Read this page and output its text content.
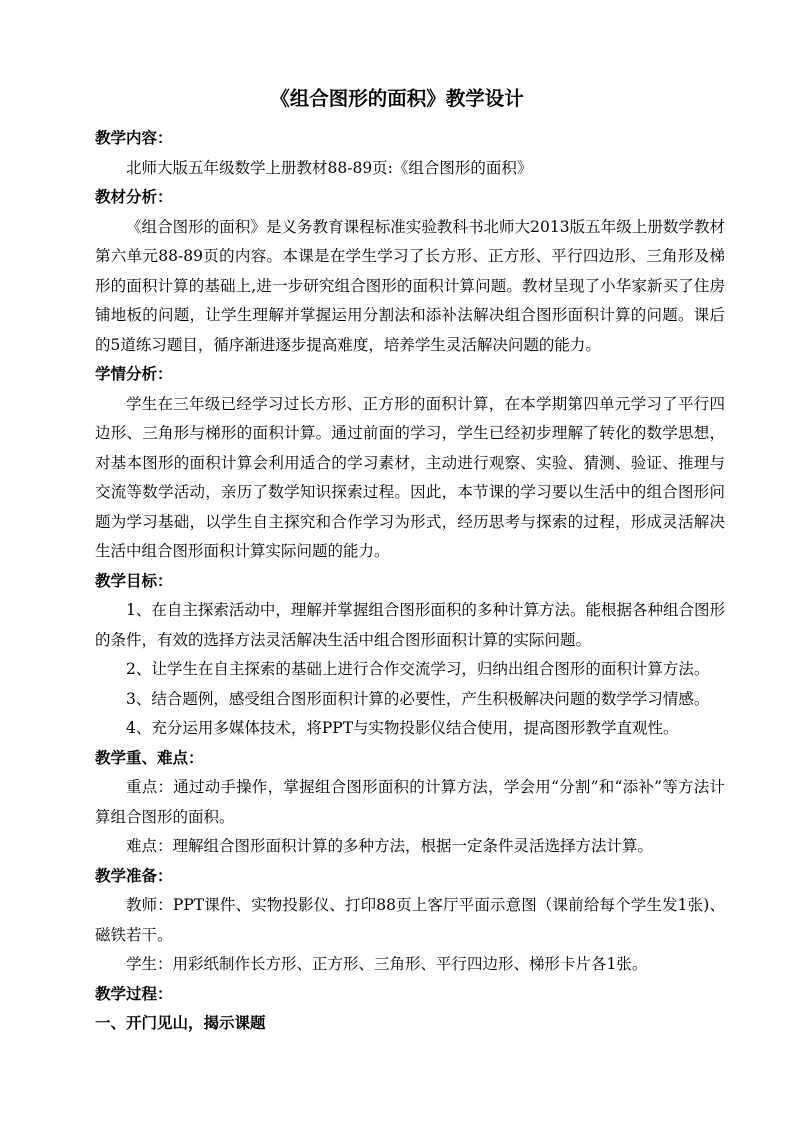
《组合图形的面积》教学设计

教学内容：

北师大版五年级数学上册教材88-89页:《组合图形的面积》

教材分析：

《组合图形的面积》是义务教育课程标准实验教科书北师大2013版五年级上册数学教材第六单元88-89页的内容。本课是在学生学习了长方形、正方形、平行四边形、三角形及梯形的面积计算的基础上,进一步研究组合图形的面积计算问题。教材呈现了小华家新买了住房铺地板的问题，让学生理解并掌握运用分割法和添补法解决组合图形面积计算的问题。课后的5道练习题目，循序渐进逐步提高难度，培养学生灵活解决问题的能力。

学情分析：

学生在三年级已经学习过长方形、正方形的面积计算，在本学期第四单元学习了平行四边形、三角形与梯形的面积计算。通过前面的学习，学生已经初步理解了转化的数学思想，对基本图形的面积计算会利用适合的学习素材，主动进行观察、实验、猜测、验证、推理与交流等数学活动，亲历了数学知识探索过程。因此，本节课的学习要以生活中的组合图形问题为学习基础，以学生自主探究和合作学习为形式，经历思考与探索的过程，形成灵活解决生活中组合图形面积计算实际问题的能力。

教学目标：

1、在自主探索活动中，理解并掌握组合图形面积的多种计算方法。能根据各种组合图形的条件，有效的选择方法灵活解决生活中组合图形面积计算的实际问题。

2、让学生在自主探索的基础上进行合作交流学习，归纳出组合图形的面积计算方法。

3、结合题例，感受组合图形面积计算的必要性，产生积极解决问题的数学学习情感。

4、充分运用多媒体技术，将PPT与实物投影仪结合使用，提高图形教学直观性。

教学重、难点：

重点：通过动手操作，掌握组合图形面积的计算方法，学会用“分割”和“添补”等方法计算组合图形的面积。

难点：理解组合图形面积计算的多种方法，根据一定条件灵活选择方法计算。

教学准备：

教师：PPT课件、实物投影仪、打印88页上客厅平面示意图（课前给每个学生发1张)、磁铁若干。

学生：用彩纸制作长方形、正方形、三角形、平行四边形、梯形卡片各1张。

教学过程：

一、开门见山，揭示课题
